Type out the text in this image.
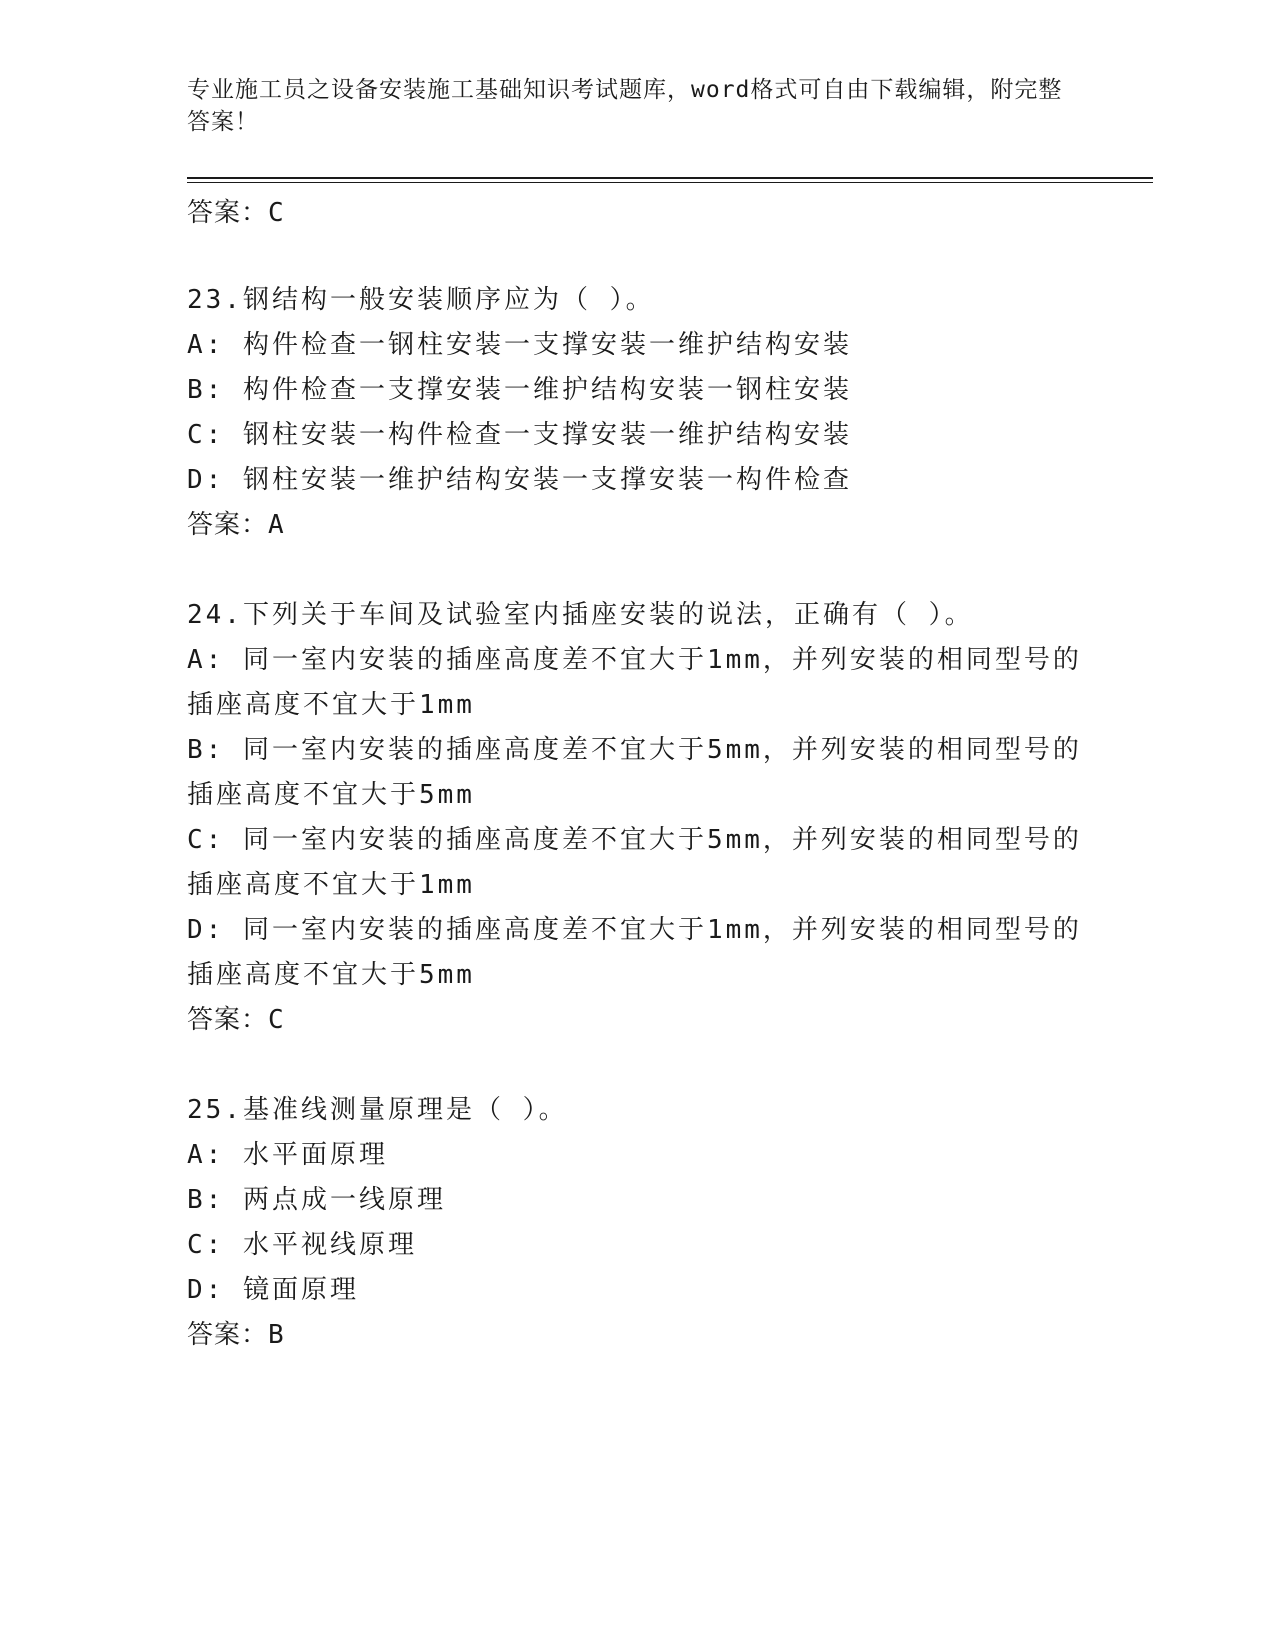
专业施工员之设备安装施工基础知识考试题库，word格式可自由下载编辑，附完整答案！
答案：C
23.钢结构一般安装顺序应为（ ）。
A: 构件检查一钢柱安装一支撑安装一维护结构安装
B: 构件检查一支撑安装一维护结构安装一钢柱安装
C: 钢柱安装一构件检查一支撑安装一维护结构安装
D: 钢柱安装一维护结构安装一支撑安装一构件检查
答案：A
24.下列关于车间及试验室内插座安装的说法，正确有（ ）。
A: 同一室内安装的插座高度差不宜大于1mm，并列安装的相同型号的
插座高度不宜大于1mm
B: 同一室内安装的插座高度差不宜大于5mm，并列安装的相同型号的
插座高度不宜大于5mm
C: 同一室内安装的插座高度差不宜大于5mm，并列安装的相同型号的
插座高度不宜大于1mm
D: 同一室内安装的插座高度差不宜大于1mm，并列安装的相同型号的
插座高度不宜大于5mm
答案：C
25.基准线测量原理是（ ）。
A: 水平面原理
B: 两点成一线原理
C: 水平视线原理
D: 镜面原理
答案：B
